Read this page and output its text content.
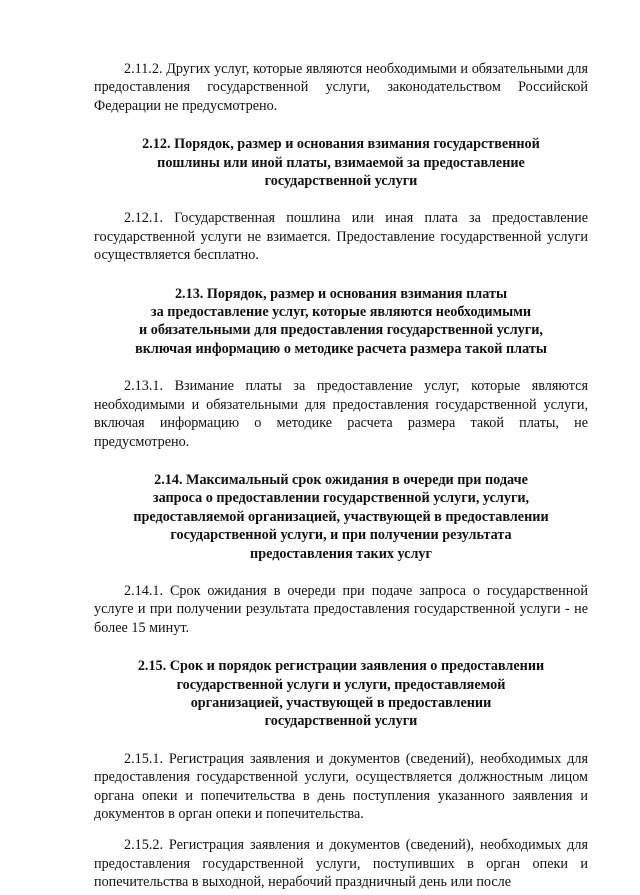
2.11.2. Других услуг, которые являются необходимыми и обязательными для предоставления государственной услуги, законодательством Российской Федерации не предусмотрено.

2.12. Порядок, размер и основания взимания государственной
пошлины или иной платы, взимаемой за предоставление
государственной услуги

2.12.1. Государственная пошлина или иная плата за предоставление государственной услуги не взимается. Предоставление государственной услуги осуществляется бесплатно.

2.13. Порядок, размер и основания взимания платы
за предоставление услуг, которые являются необходимыми
и обязательными для предоставления государственной услуги,
включая информацию о методике расчета размера такой платы

2.13.1. Взимание платы за предоставление услуг, которые являются необходимыми и обязательными для предоставления государственной услуги, включая информацию о методике расчета размера такой платы, не предусмотрено.

2.14. Максимальный срок ожидания в очереди при подаче
запроса о предоставлении государственной услуги, услуги,
предоставляемой организацией, участвующей в предоставлении
государственной услуги, и при получении результата
предоставления таких услуг

2.14.1. Срок ожидания в очереди при подаче запроса о государственной услуге и при получении результата предоставления государственной услуги - не более 15 минут.

2.15. Срок и порядок регистрации заявления о предоставлении
государственной услуги и услуги, предоставляемой
организацией, участвующей в предоставлении
государственной услуги

2.15.1. Регистрация заявления и документов (сведений), необходимых для предоставления государственной услуги, осуществляется должностным лицом органа опеки и попечительства в день поступления указанного заявления и документов в орган опеки и попечительства.

2.15.2. Регистрация заявления и документов (сведений), необходимых для предоставления государственной услуги, поступивших в орган опеки и попечительства в выходной, нерабочий праздничный день или после
